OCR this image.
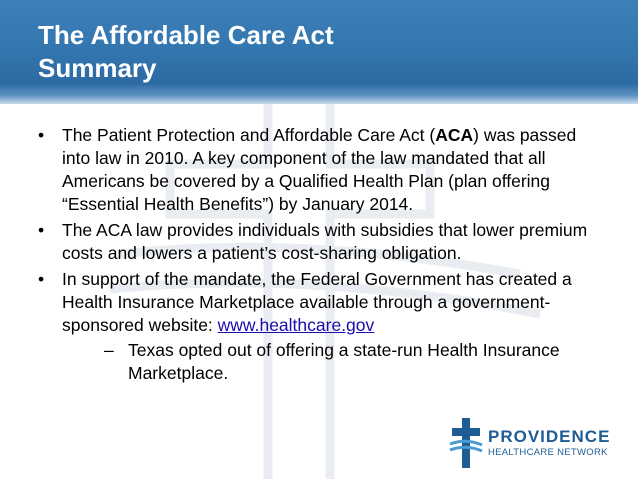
The Affordable Care Act
Summary
• The Patient Protection and Affordable Care Act (ACA) was passed into law in 2010. A key component of the law mandated that all Americans be covered by a Qualified Health Plan (plan offering “Essential Health Benefits”) by January 2014.
• The ACA law provides individuals with subsidies that lower premium costs and lowers a patient’s cost-sharing obligation.
• In support of the mandate, the Federal Government has created a Health Insurance Marketplace available through a government-sponsored website: www.healthcare.gov
– Texas opted out of offering a state-run Health Insurance Marketplace.
PROVIDENCE
HEALTHCARE NETWORK
